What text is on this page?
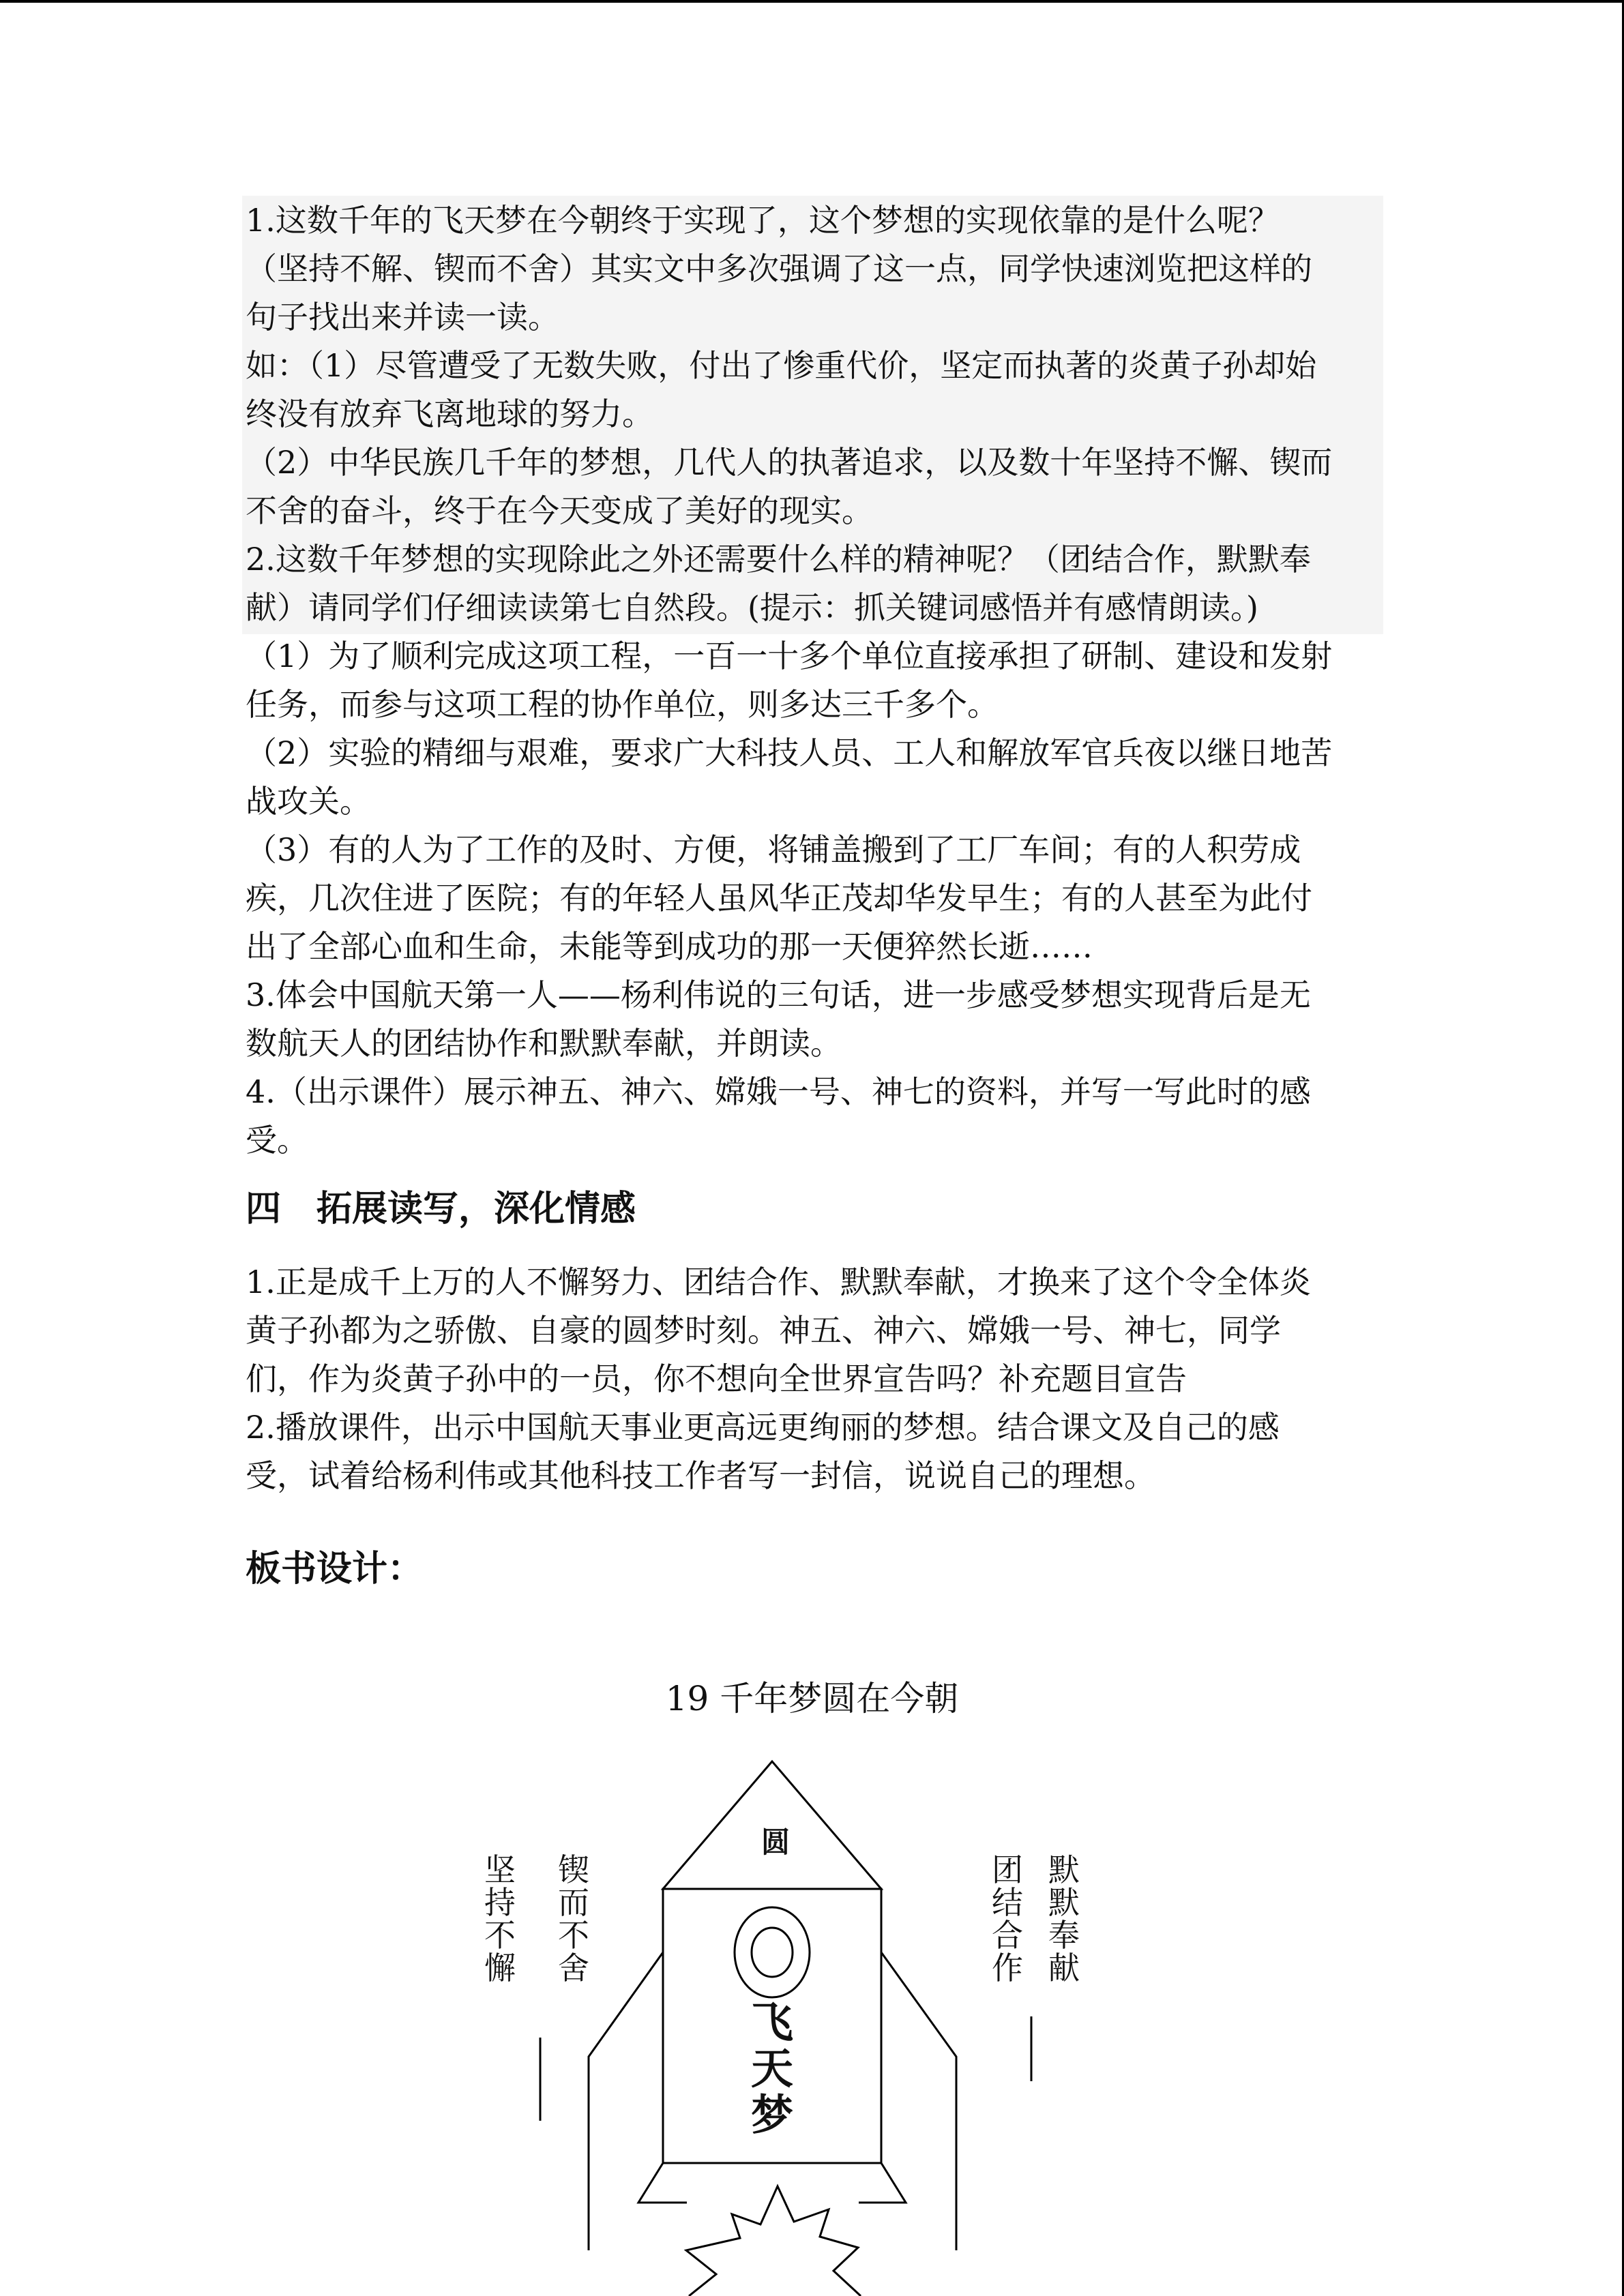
1.这数千年的飞天梦在今朝终于实现了，这个梦想的实现依靠的是什么呢？

（坚持不解、锲而不舍）其实文中多次强调了这一点，同学快速浏览把这样的

句子找出来并读一读。

如：（1）尽管遭受了无数失败，付出了惨重代价，坚定而执著的炎黄子孙却始

终没有放弃飞离地球的努力。

（2）中华民族几千年的梦想，几代人的执著追求，以及数十年坚持不懈、锲而

不舍的奋斗，终于在今天变成了美好的现实。

2.这数千年梦想的实现除此之外还需要什么样的精神呢？（团结合作，默默奉

献）请同学们仔细读读第七自然段。(提示：抓关键词感悟并有感情朗读。)

（1）为了顺利完成这项工程，一百一十多个单位直接承担了研制、建设和发射

任务，而参与这项工程的协作单位，则多达三千多个。

（2）实验的精细与艰难，要求广大科技人员、工人和解放军官兵夜以继日地苦

战攻关。

（3）有的人为了工作的及时、方便，将铺盖搬到了工厂车间；有的人积劳成

疾，几次住进了医院；有的年轻人虽风华正茂却华发早生；有的人甚至为此付

出了全部心血和生命，未能等到成功的那一天便猝然长逝……

3.体会中国航天第一人——杨利伟说的三句话，进一步感受梦想实现背后是无

数航天人的团结协作和默默奉献，并朗读。

4.（出示课件）展示神五、神六、嫦娥一号、神七的资料，并写一写此时的感

受。

四　拓展读写，深化情感

1.正是成千上万的人不懈努力、团结合作、默默奉献，才换来了这个令全体炎

黄子孙都为之骄傲、自豪的圆梦时刻。神五、神六、嫦娥一号、神七，同学

们，作为炎黄子孙中的一员，你不想向全世界宣告吗？补充题目宣告

2.播放课件，出示中国航天事业更高远更绚丽的梦想。结合课文及自己的感

受，试着给杨利伟或其他科技工作者写一封信，说说自己的理想。

板书设计：

19 千年梦圆在今朝
圆
飞天梦
锲而不舍
坚持不懈
默默奉献
团结合作
